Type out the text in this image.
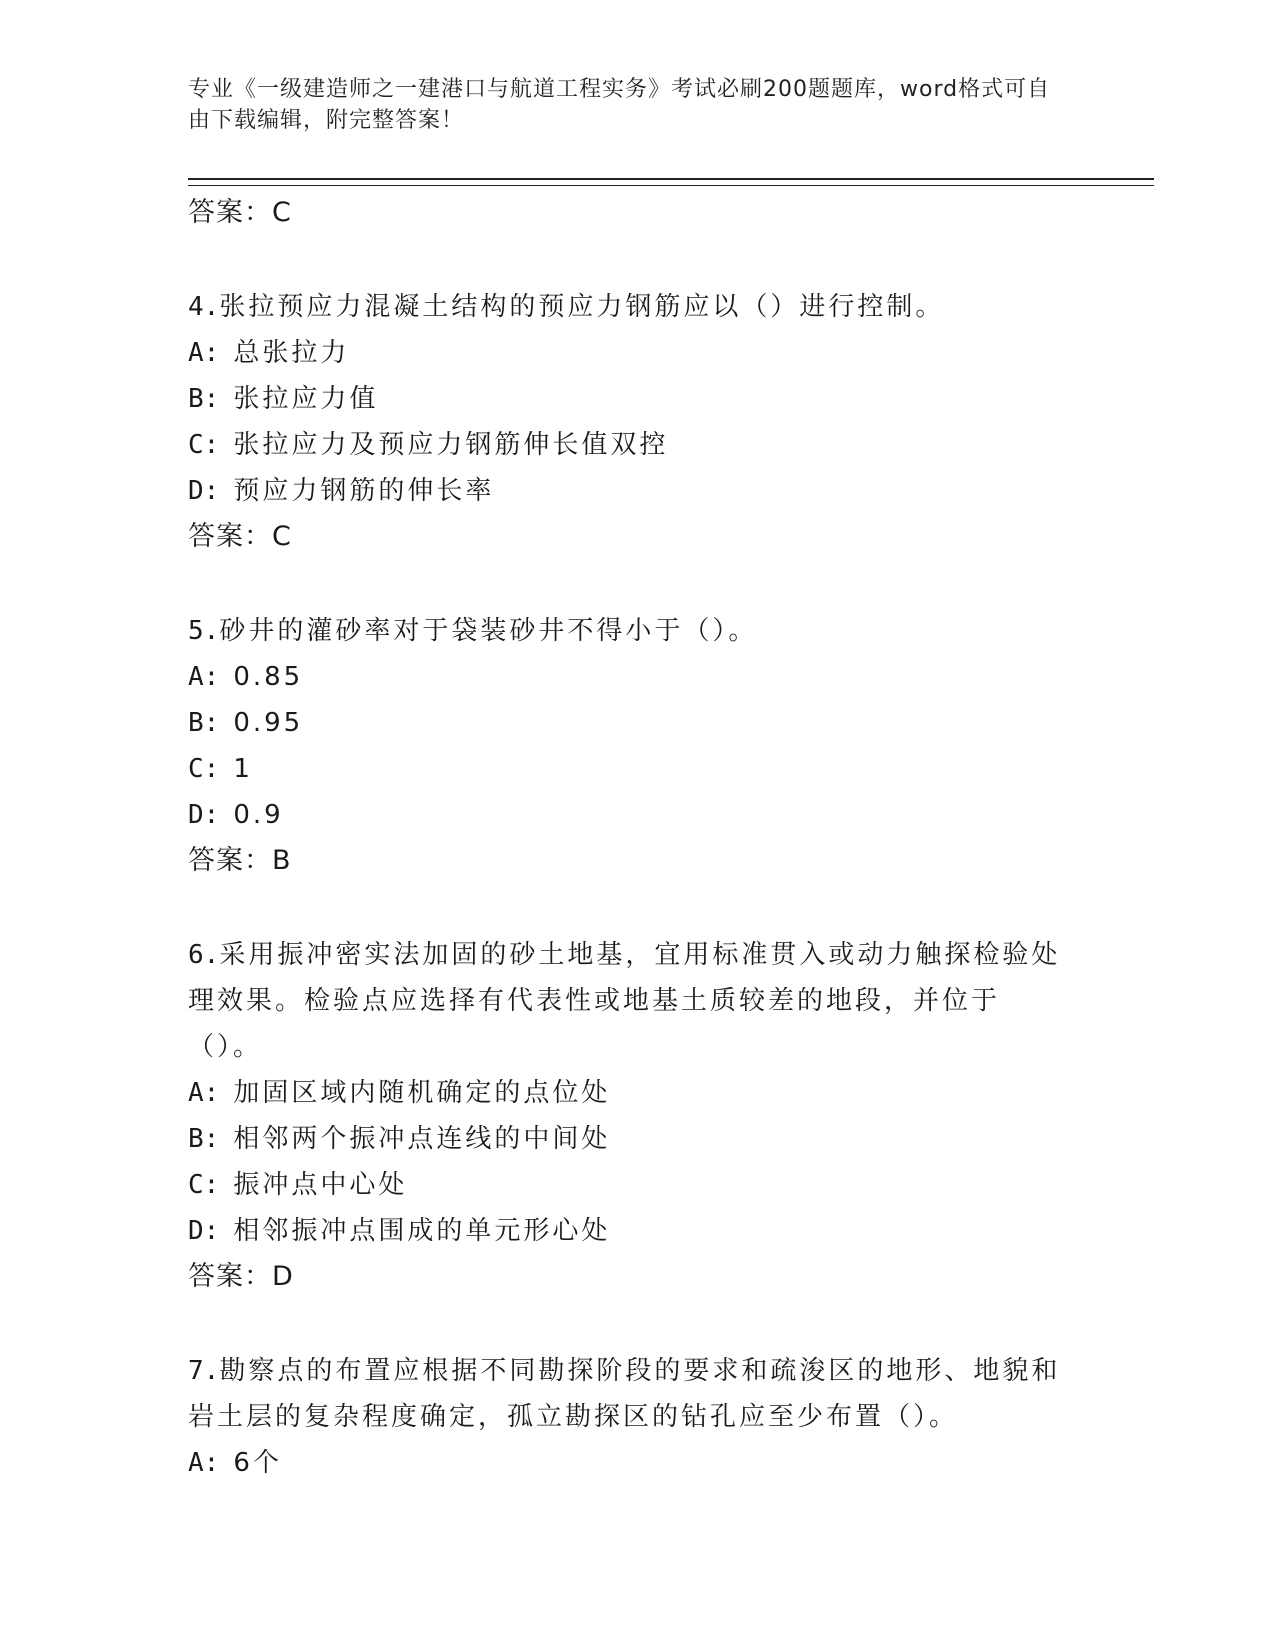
专业《一级建造师之一建港口与航道工程实务》考试必刷200题题库，word格式可自由下载编辑，附完整答案！
答案：C
4.张拉预应力混凝土结构的预应力钢筋应以（）进行控制。
A: 总张拉力
B: 张拉应力值
C: 张拉应力及预应力钢筋伸长值双控
D: 预应力钢筋的伸长率
答案：C
5.砂井的灌砂率对于袋装砂井不得小于（）。
A: 0.85
B: 0.95
C: 1
D: 0.9
答案：B
6.采用振冲密实法加固的砂土地基，宜用标准贯入或动力触探检验处理效果。检验点应选择有代表性或地基土质较差的地段，并位于（）。
A: 加固区域内随机确定的点位处
B: 相邻两个振冲点连线的中间处
C: 振冲点中心处
D: 相邻振冲点围成的单元形心处
答案：D
7.勘察点的布置应根据不同勘探阶段的要求和疏浚区的地形、地貌和岩土层的复杂程度确定，孤立勘探区的钻孔应至少布置（）。
A: 6个
